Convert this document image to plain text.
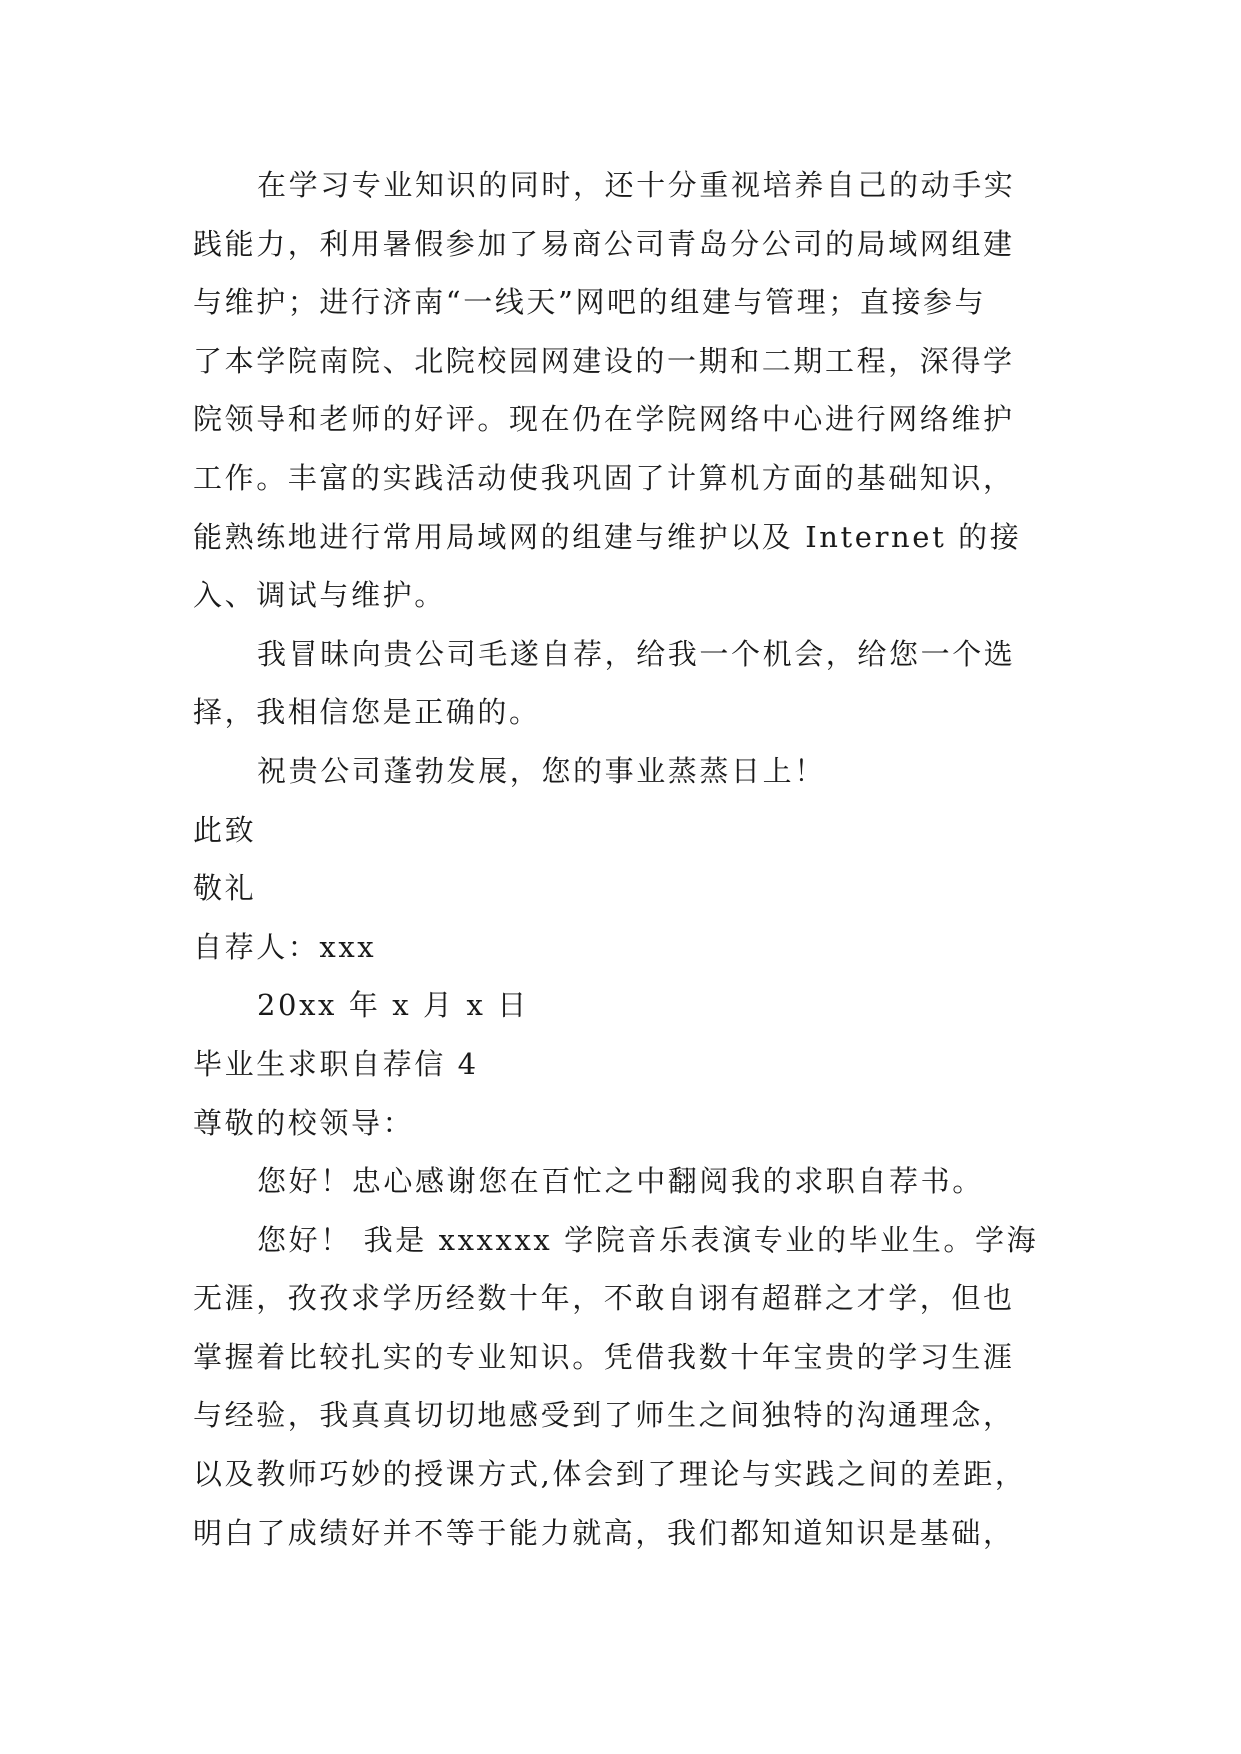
在学习专业知识的同时，还十分重视培养自己的动手实
践能力，利用暑假参加了易商公司青岛分公司的局域网组建
与维护；进行济南“一线天”网吧的组建与管理；直接参与
了本学院南院、北院校园网建设的一期和二期工程，深得学
院领导和老师的好评。现在仍在学院网络中心进行网络维护
工作。丰富的实践活动使我巩固了计算机方面的基础知识，
能熟练地进行常用局域网的组建与维护以及 Internet 的接
入、调试与维护。
我冒昧向贵公司毛遂自荐，给我一个机会，给您一个选
择，我相信您是正确的。
祝贵公司蓬勃发展，您的事业蒸蒸日上！
此致
敬礼
自荐人：xxx
20xx 年 x 月 x 日
毕业生求职自荐信 4
尊敬的校领导：
您好！忠心感谢您在百忙之中翻阅我的求职自荐书。
您好！ 我是 xxxxxx 学院音乐表演专业的毕业生。学海
无涯，孜孜求学历经数十年，不敢自诩有超群之才学，但也
掌握着比较扎实的专业知识。凭借我数十年宝贵的学习生涯
与经验，我真真切切地感受到了师生之间独特的沟通理念，
以及教师巧妙的授课方式,体会到了理论与实践之间的差距，
明白了成绩好并不等于能力就高，我们都知道知识是基础，
